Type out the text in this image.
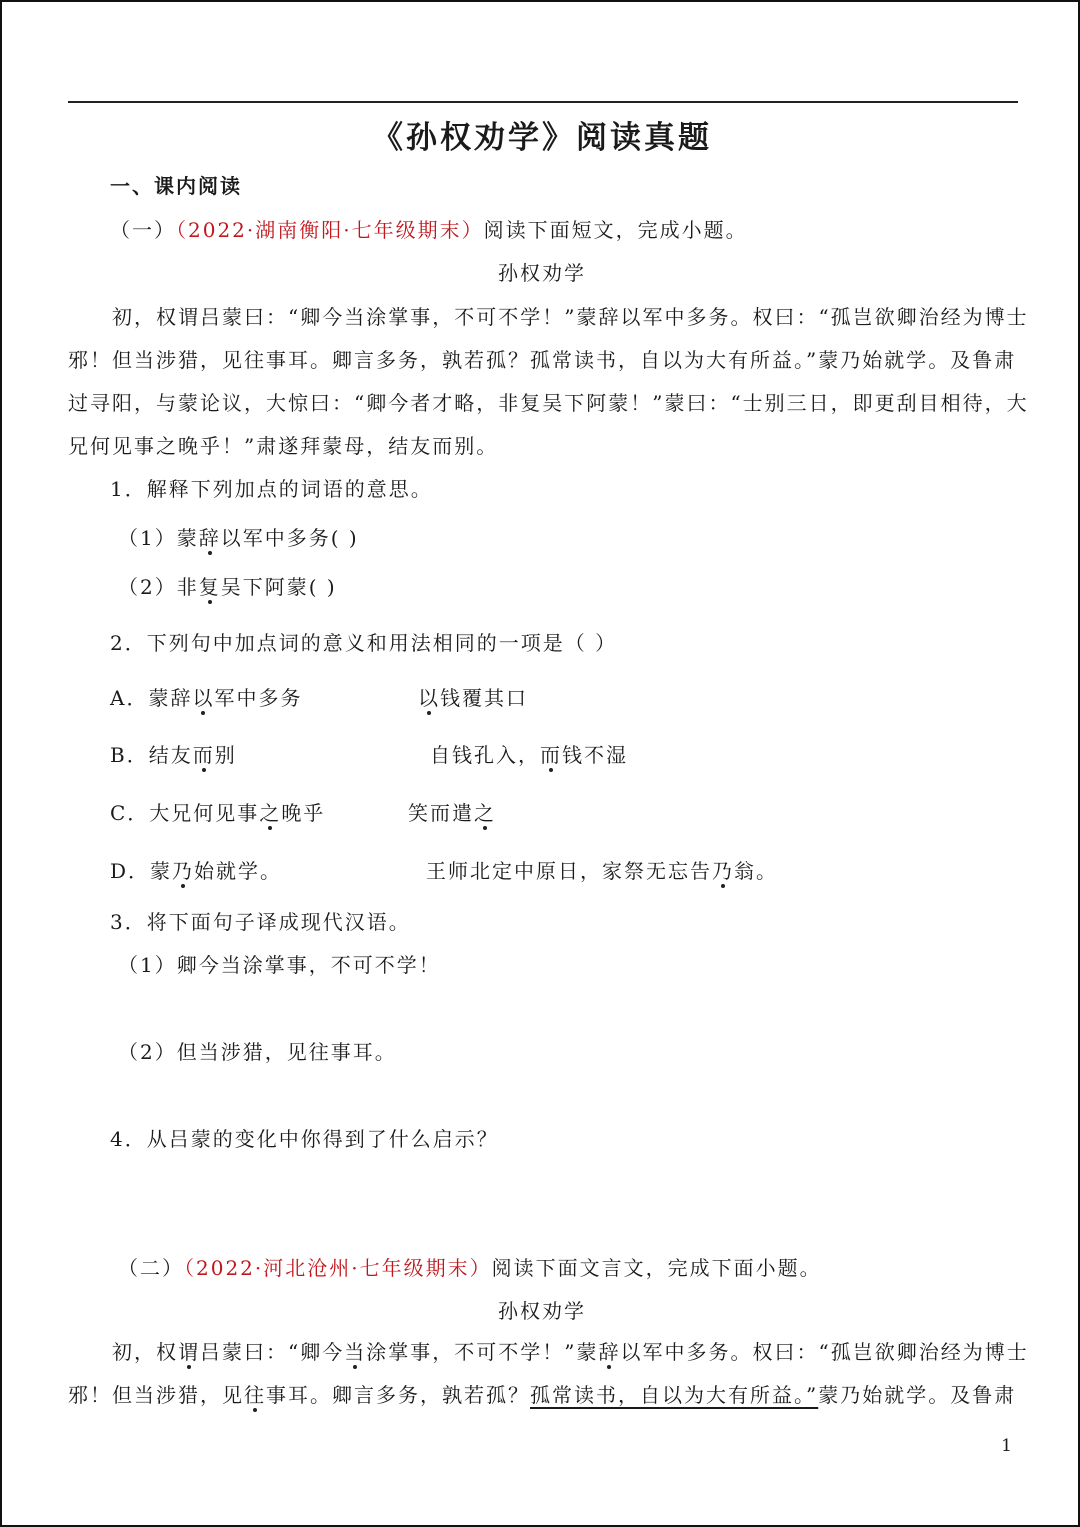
《孙权劝学》阅读真题
一、课内阅读
（一）（2022·湖南衡阳·七年级期末）阅读下面短文，完成小题。
孙权劝学
初，权谓吕蒙曰：“卿今当涂掌事，不可不学！”蒙辞以军中多务。权曰：“孤岂欲卿治经为博士
邪！但当涉猎，见往事耳。卿言多务，孰若孤？孤常读书，自以为大有所益。”蒙乃始就学。及鲁肃
过寻阳，与蒙论议，大惊曰：“卿今者才略，非复吴下阿蒙！”蒙曰：“士别三日，即更刮目相待，大
兄何见事之晚乎！”肃遂拜蒙母，结友而别。
1．解释下列加点的词语的意思。
（1）蒙辞以军中多务( )
（2）非复吴下阿蒙( )
2．下列句中加点词的意义和用法相同的一项是（ ）
A．蒙辞以军中多务	以钱覆其口
B．结友而别	自钱孔入，而钱不湿
C．大兄何见事之晚乎	笑而遣之
D．蒙乃始就学。	王师北定中原日，家祭无忘告乃翁。
3．将下面句子译成现代汉语。
（1）卿今当涂掌事，不可不学！
（2）但当涉猎，见往事耳。
4．从吕蒙的变化中你得到了什么启示？
（二）（2022·河北沧州·七年级期末）阅读下面文言文，完成下面小题。
孙权劝学
初，权谓吕蒙曰：“卿今当涂掌事，不可不学！”蒙辞以军中多务。权曰：“孤岂欲卿治经为博士
邪！但当涉猎，见往事耳。卿言多务，孰若孤？孤常读书，自以为大有所益。”蒙乃始就学。及鲁肃
1
